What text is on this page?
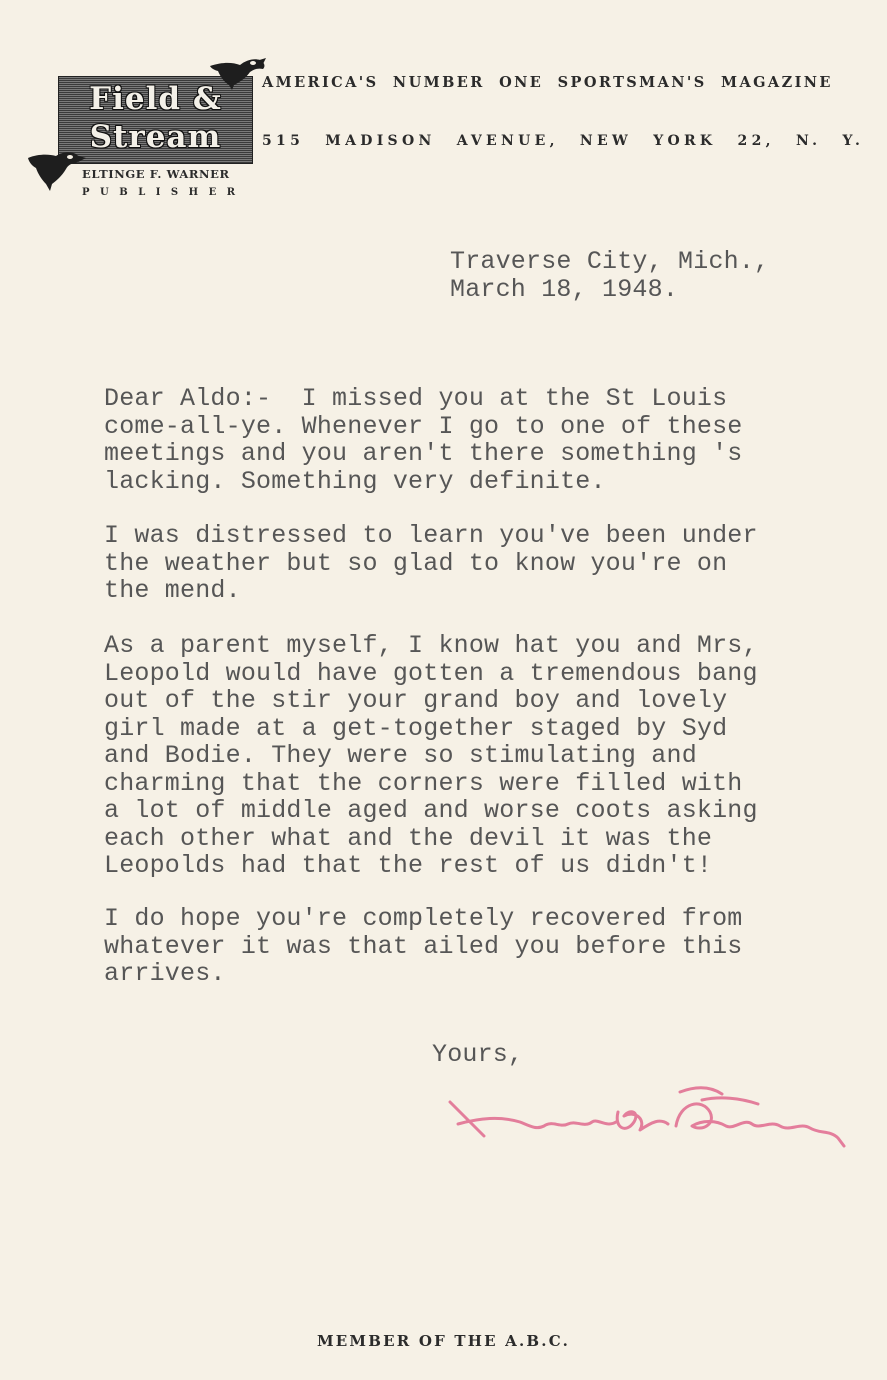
Field &
Stream
AMERICA'S NUMBER ONE SPORTSMAN'S MAGAZINE
515 MADISON AVENUE, NEW YORK 22, N. Y.
ELTINGE F. WARNER
PUBLISHER
Traverse City, Mich.,
March 18, 1948.
Dear Aldo:-  I missed you at the St Louis
come-all-ye. Whenever I go to one of these
meetings and you aren't there something 's
lacking. Something very definite.
I was distressed to learn you've been under
the weather but so glad to know you're on
the mend.
As a parent myself, I know hat you and Mrs,
Leopold would have gotten a tremendous bang
out of the stir your grand boy and lovely
girl made at a get-together staged by Syd
and Bodie. They were so stimulating and
charming that the corners were filled with
a lot of middle aged and worse coots asking
each other what and the devil it was the
Leopolds had that the rest of us didn't!
I do hope you're completely recovered from
whatever it was that ailed you before this
arrives.
Yours,
MEMBER OF THE A.B.C.
